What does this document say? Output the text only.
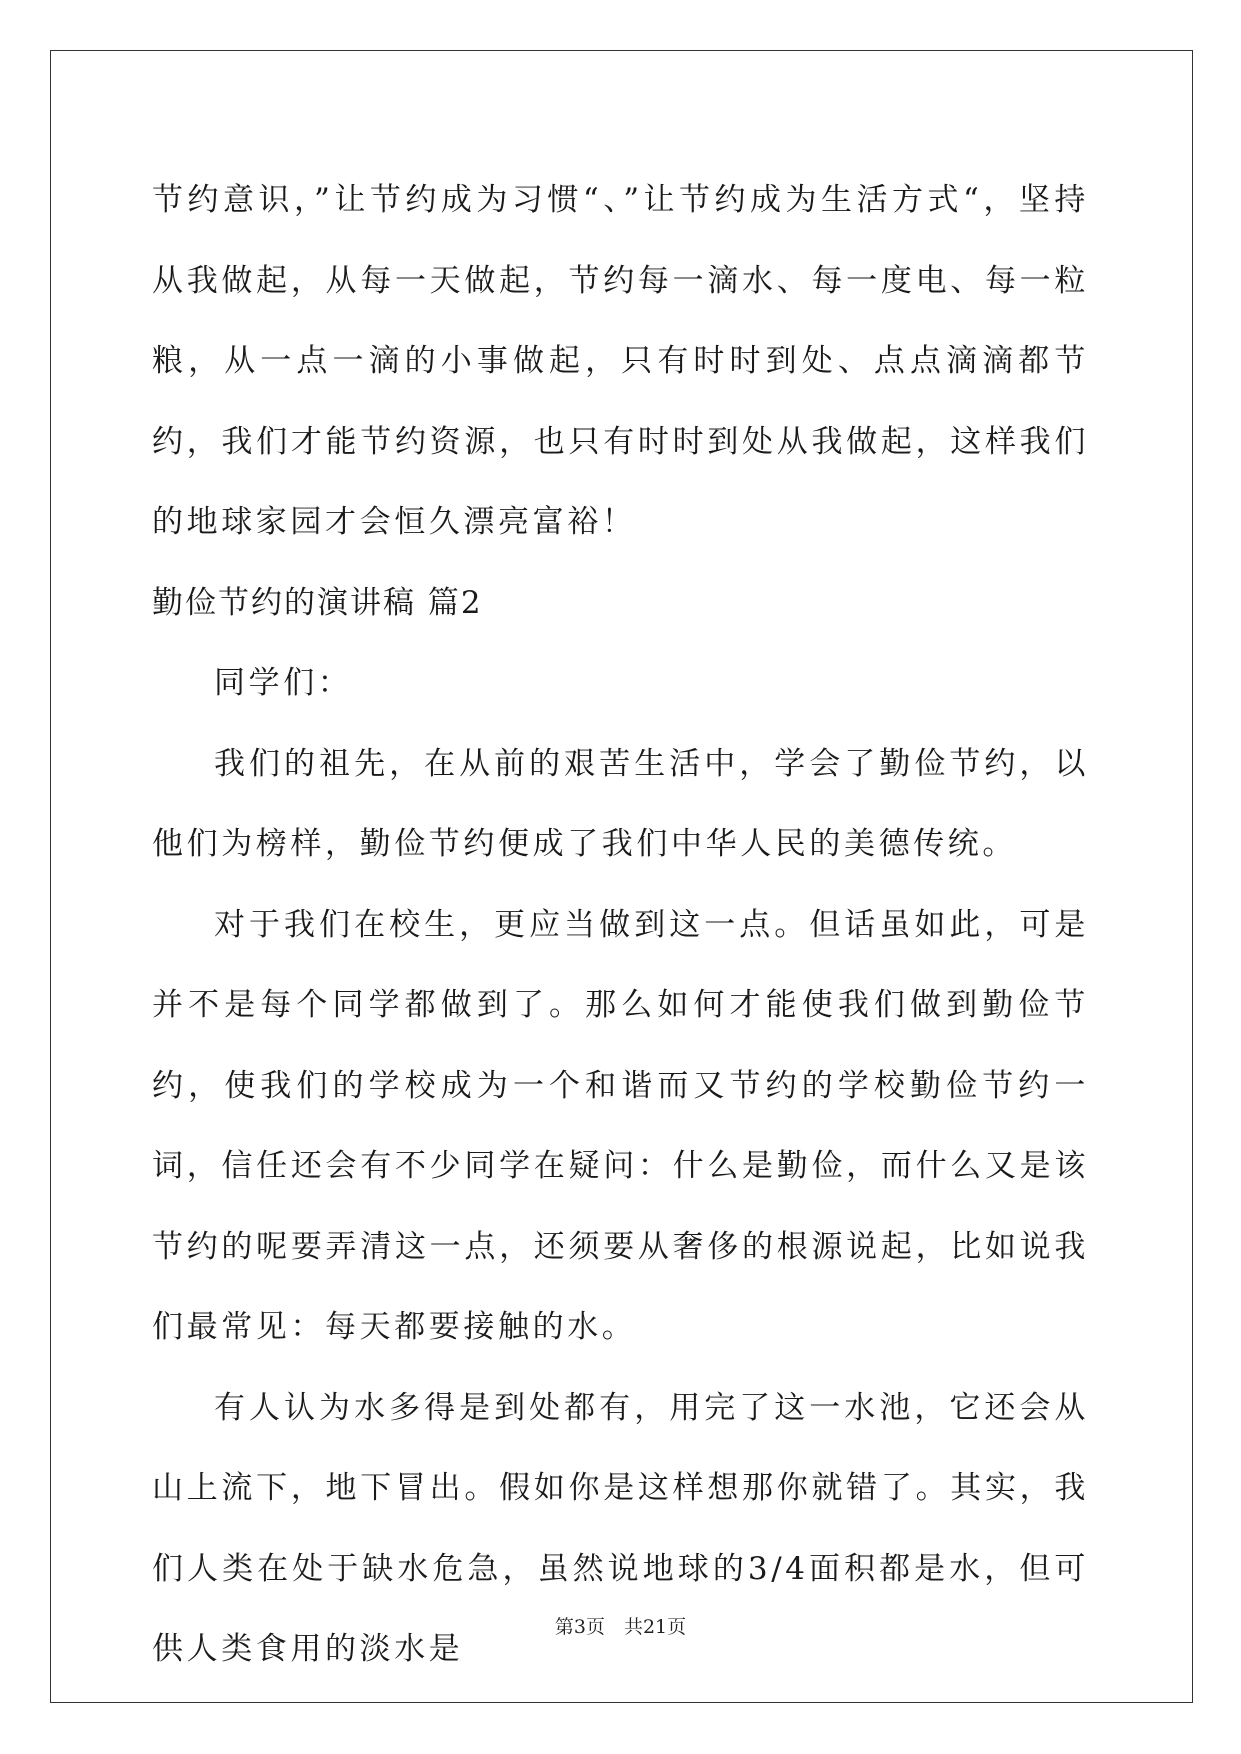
节约意识，”让节约成为习惯“、”让节约成为生活方式“，坚持从我做起，从每一天做起，节约每一滴水、每一度电、每一粒粮，从一点一滴的小事做起，只有时时到处、点点滴滴都节约，我们才能节约资源，也只有时时到处从我做起，这样我们的地球家园才会恒久漂亮富裕！

勤俭节约的演讲稿 篇2

同学们：

我们的祖先，在从前的艰苦生活中，学会了勤俭节约，以他们为榜样，勤俭节约便成了我们中华人民的美德传统。

对于我们在校生，更应当做到这一点。但话虽如此，可是并不是每个同学都做到了。那么如何才能使我们做到勤俭节约，使我们的学校成为一个和谐而又节约的学校勤俭节约一词，信任还会有不少同学在疑问：什么是勤俭，而什么又是该节约的呢要弄清这一点，还须要从奢侈的根源说起，比如说我们最常见：每天都要接触的水。

有人认为水多得是到处都有，用完了这一水池，它还会从山上流下，地下冒出。假如你是这样想那你就错了。其实，我们人类在处于缺水危急，虽然说地球的3/4面积都是水，但可供人类食用的淡水是

第3页　共21页
